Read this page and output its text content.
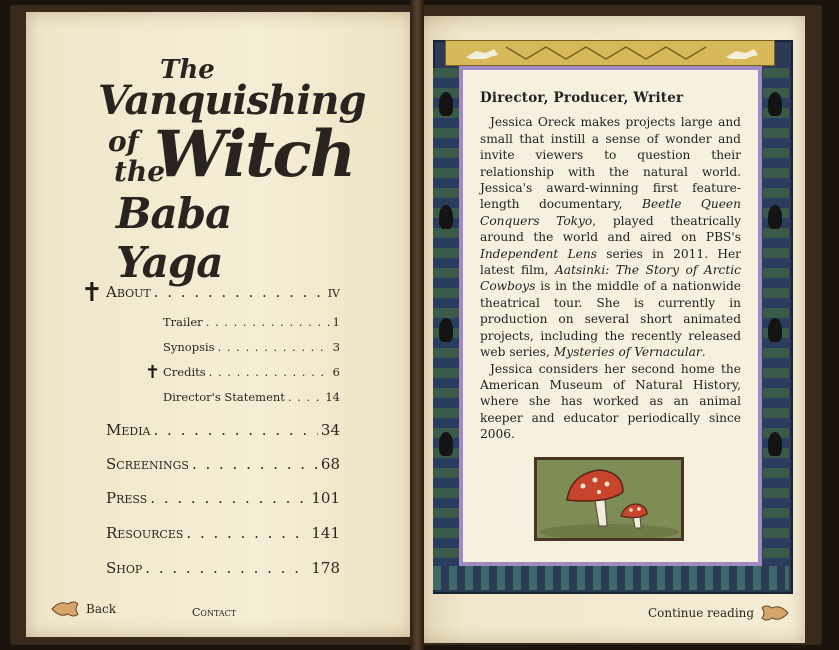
The
Vanquishing
of Witch
the
Baba Yaga
✝ About . . .	iv
Trailer . . .	1
Synopsis . . .	3
✝ Credits . . .	6
Director's Statement . . .	14
Media . . .	34
Screenings . . .	68
Press . . .	101
Resources . . .	141
Shop . . .	178
Back	Contact	Continue reading
Director, Producer, Writer

Jessica Oreck makes projects large and small that instill a sense of wonder and invite viewers to question their relationship with the natural world. Jessica's award-winning first feature-length documentary, Beetle Queen Conquers Tokyo, played theatrically around the world and aired on PBS's Independent Lens series in 2011. Her latest film, Aatsinki: The Story of Arctic Cowboys is in the middle of a nationwide theatrical tour. She is currently in production on several short animated projects, including the recently released web series, Mysteries of Vernacular.

Jessica considers her second home the American Museum of Natural History, where she has worked as an animal keeper and educator periodically since 2006.
